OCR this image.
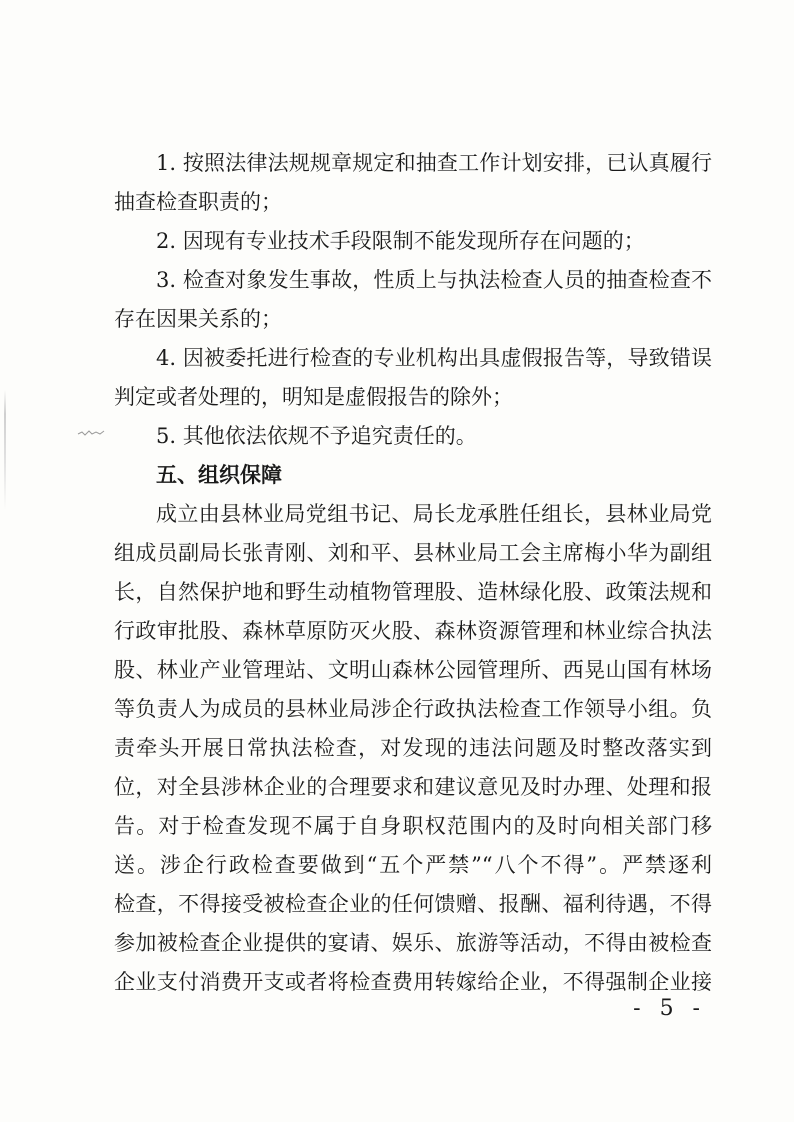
1. 按照法律法规规章规定和抽查工作计划安排，已认真履行
抽查检查职责的；
2. 因现有专业技术手段限制不能发现所存在问题的；
3. 检查对象发生事故，性质上与执法检查人员的抽查检查不
存在因果关系的；
4. 因被委托进行检查的专业机构出具虚假报告等，导致错误
判定或者处理的，明知是虚假报告的除外；
5. 其他依法依规不予追究责任的。
五、组织保障
成立由县林业局党组书记、局长龙承胜任组长，县林业局党
组成员副局长张青刚、刘和平、县林业局工会主席梅小华为副组
长，自然保护地和野生动植物管理股、造林绿化股、政策法规和
行政审批股、森林草原防灭火股、森林资源管理和林业综合执法
股、林业产业管理站、文明山森林公园管理所、西晃山国有林场
等负责人为成员的县林业局涉企行政执法检查工作领导小组。负
责牵头开展日常执法检查，对发现的违法问题及时整改落实到
位，对全县涉林企业的合理要求和建议意见及时办理、处理和报
告。对于检查发现不属于自身职权范围内的及时向相关部门移
送。涉企行政检查要做到“五个严禁”“八个不得”。严禁逐利
检查，不得接受被检查企业的任何馈赠、报酬、福利待遇，不得
参加被检查企业提供的宴请、娱乐、旅游等活动，不得由被检查
企业支付消费开支或者将检查费用转嫁给企业，不得强制企业接
- 5 -
